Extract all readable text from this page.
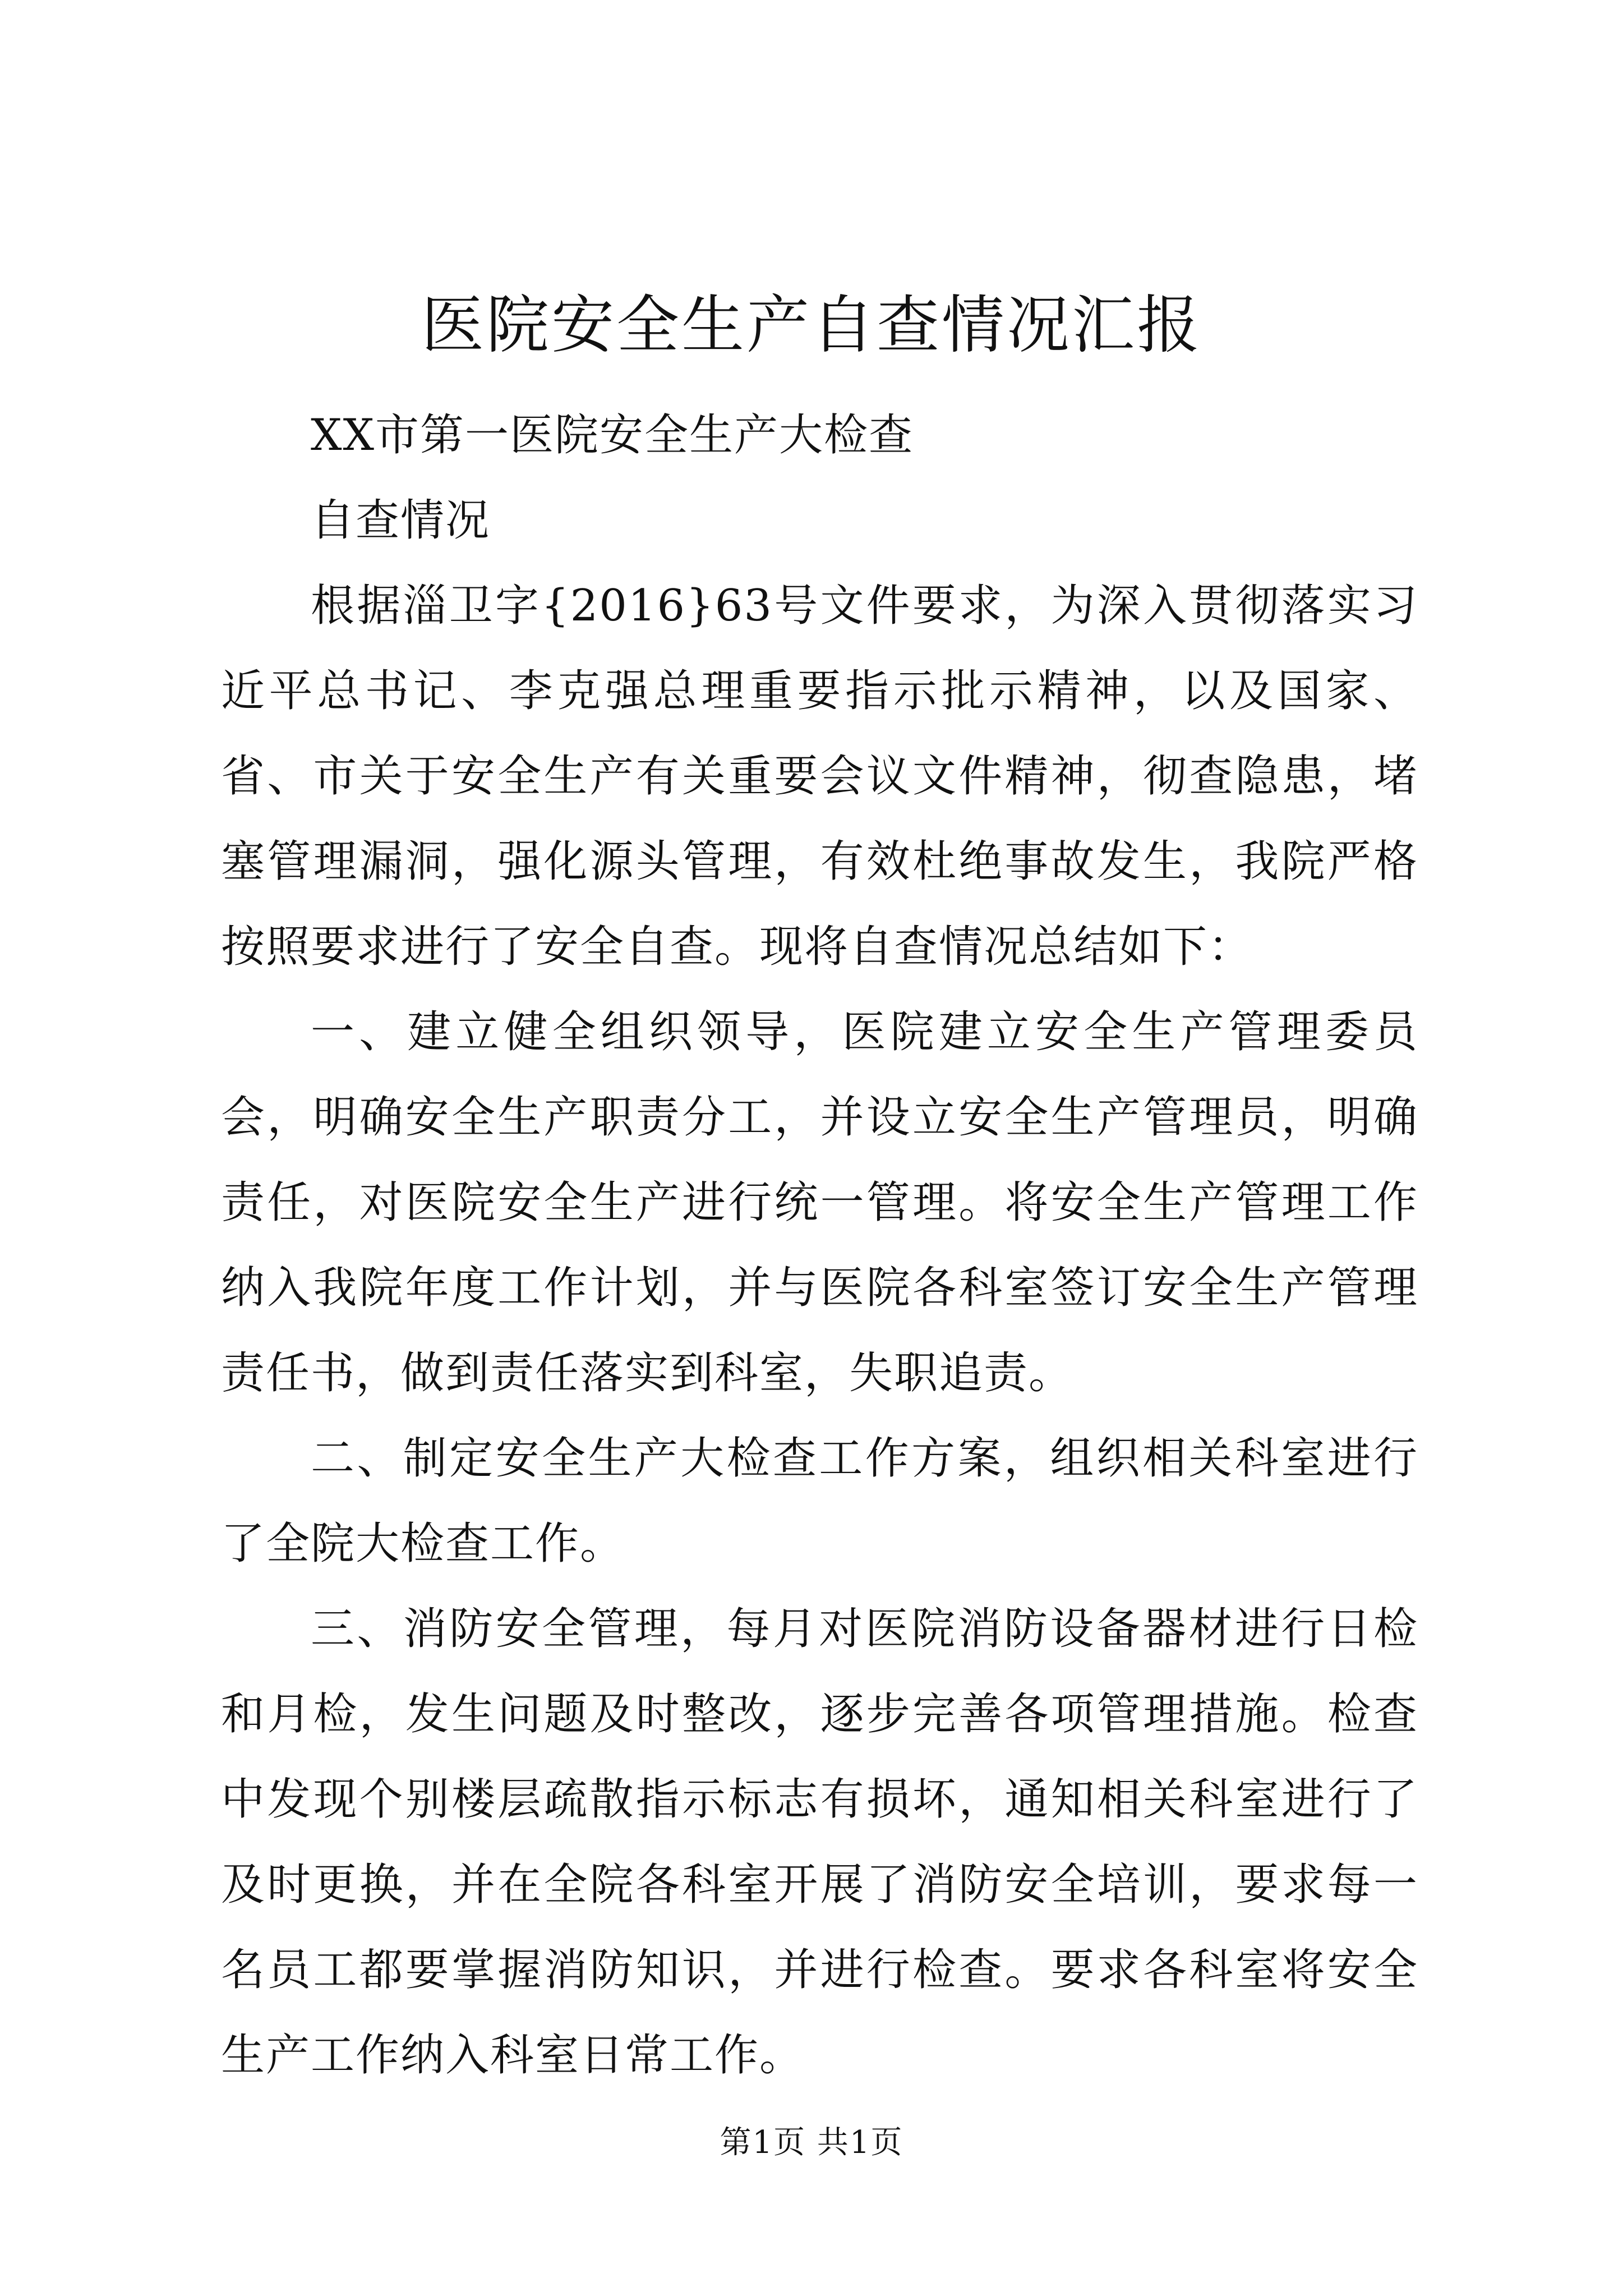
医院安全生产自查情况汇报

XX市第一医院安全生产大检查

自查情况

根据淄卫字{2016}63号文件要求，为深入贯彻落实习近平总书记、李克强总理重要指示批示精神，以及国家、省、市关于安全生产有关重要会议文件精神，彻查隐患，堵塞管理漏洞，强化源头管理，有效杜绝事故发生，我院严格按照要求进行了安全自查。现将自查情况总结如下：

一、建立健全组织领导，医院建立安全生产管理委员会，明确安全生产职责分工，并设立安全生产管理员，明确责任，对医院安全生产进行统一管理。将安全生产管理工作纳入我院年度工作计划，并与医院各科室签订安全生产管理责任书，做到责任落实到科室，失职追责。

二、制定安全生产大检查工作方案，组织相关科室进行了全院大检查工作。

三、消防安全管理，每月对医院消防设备器材进行日检和月检，发生问题及时整改，逐步完善各项管理措施。检查中发现个别楼层疏散指示标志有损坏，通知相关科室进行了及时更换，并在全院各科室开展了消防安全培训，要求每一名员工都要掌握消防知识，并进行检查。要求各科室将安全生产工作纳入科室日常工作。

第1页 共1页
